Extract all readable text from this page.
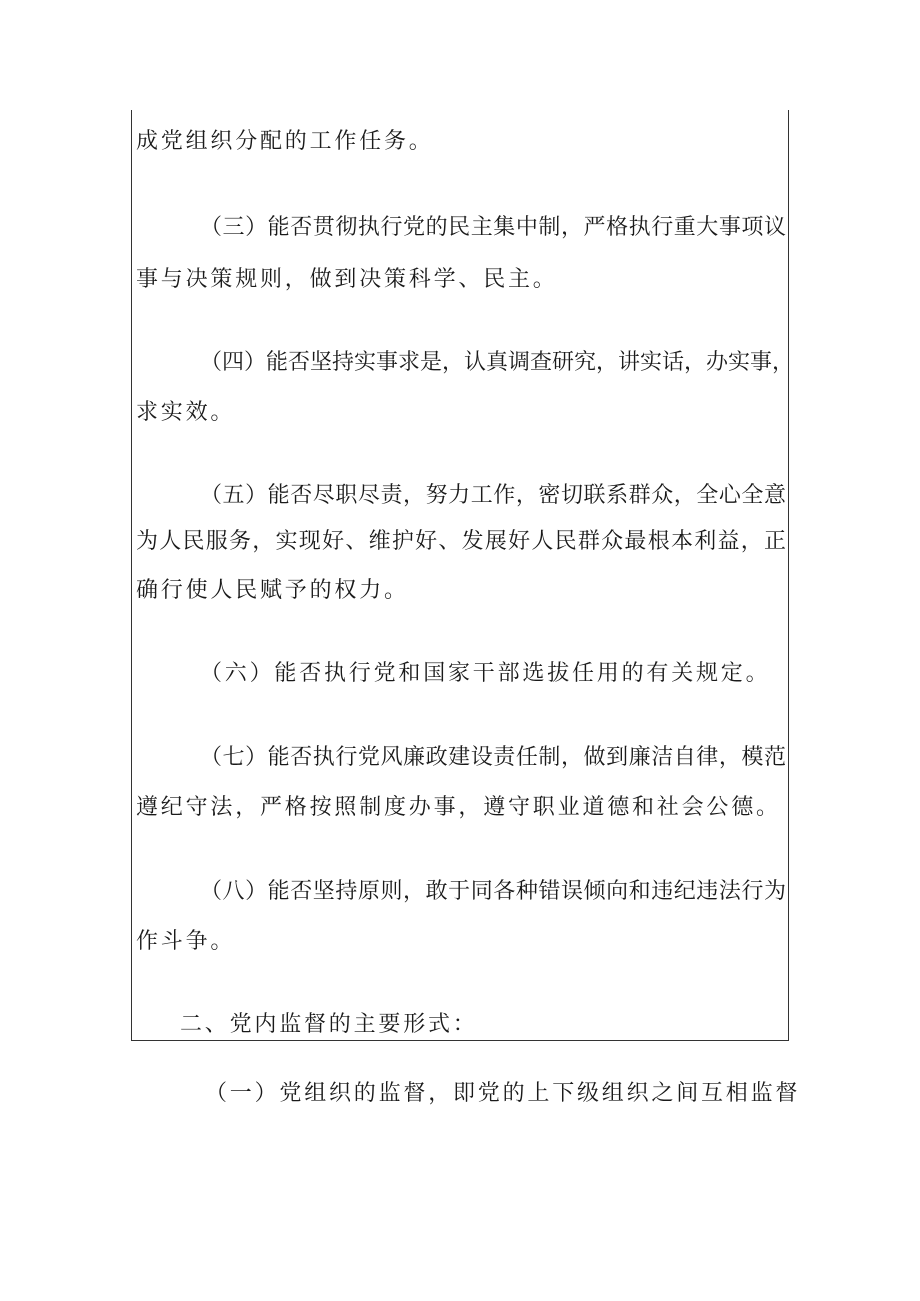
成党组织分配的工作任务。
（三）能否贯彻执行党的民主集中制，严格执行重大事项议
事与决策规则，做到决策科学、民主。
（四）能否坚持实事求是，认真调查研究，讲实话，办实事，
求实效。
（五）能否尽职尽责，努力工作，密切联系群众，全心全意
为人民服务，实现好、维护好、发展好人民群众最根本利益，正
确行使人民赋予的权力。
（六）能否执行党和国家干部选拔任用的有关规定。
（七）能否执行党风廉政建设责任制，做到廉洁自律，模范
遵纪守法，严格按照制度办事，遵守职业道德和社会公德。
（八）能否坚持原则，敢于同各种错误倾向和违纪违法行为
作斗争。
二、党内监督的主要形式：
（一）党组织的监督，即党的上下级组织之间互相监督
